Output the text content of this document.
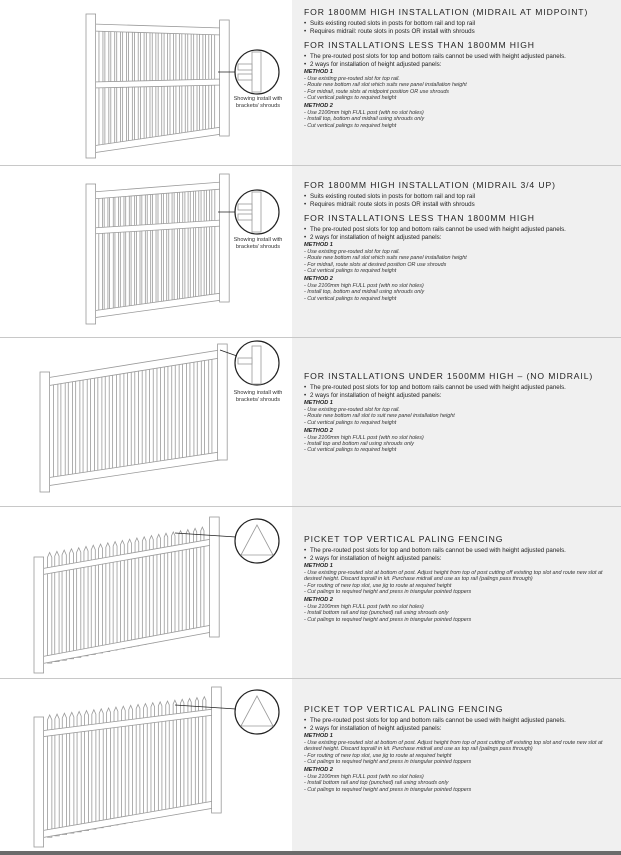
Showing install with brackets/ shrouds
FOR 1800MM HIGH INSTALLATION (MIDRAIL AT MIDPOINT)
• Suits existing routed slots in posts for bottom rail and top rail
• Requires midrail: route slots in posts OR install with shrouds
FOR INSTALLATIONS LESS THAN 1800MM HIGH
• The pre-routed post slots for top and bottom rails cannot be used with height adjusted panels.
• 2 ways for installation of height adjusted panels:
METHOD 1
- Use existing pre-routed slot for top rail.
- Route new bottom rail slot which suits new panel installation height
- For midrail, route slots at midpoint position OR use shrouds
- Cut vertical palings to required height
METHOD 2
- Use 2100mm high FULL post (with no slot holes)
- Install top, bottom and midrail using shrouds only
- Cut vertical palings to required height
Showing install with brackets/ shrouds
FOR 1800MM HIGH INSTALLATION (MIDRAIL 3/4 UP)
• Suits existing routed slots in posts for bottom rail and top rail
• Requires midrail: route slots in posts OR install with shrouds
FOR INSTALLATIONS LESS THAN 1800MM HIGH
• The pre-routed post slots for top and bottom rails cannot be used with height adjusted panels.
• 2 ways for installation of height adjusted panels:
METHOD 1
- Use existing pre-routed slot for top rail.
- Route new bottom rail slot which suits new panel installation height
- For midrail, route slots at desired position OR use shrouds
- Cut vertical palings to required height
METHOD 2
- Use 2100mm high FULL post (with no slot holes)
- Install top, bottom and midrail using shrouds only
- Cut vertical palings to required height
Showing install with brackets/ shrouds
FOR INSTALLATIONS UNDER 1500MM HIGH – (NO MIDRAIL)
• The pre-routed post slots for top and bottom rails cannot be used with height adjusted panels.
• 2 ways for installation of height adjusted panels:
METHOD 1
- Use existing pre-routed slot for top rail.
- Route new bottom rail slot to suit new panel installation height
- Cut vertical palings to required height
METHOD 2
- Use 2100mm high FULL post (with no slot holes)
- Install top and bottom rail using shrouds only
- Cut vertical palings to required height
PICKET TOP VERTICAL PALING FENCING
• The pre-routed post slots for top and bottom rails cannot be used with height adjusted panels.
• 2 ways for installation of height adjusted panels:
METHOD 1
- Use existing pre-routed slot at bottom of post. Adjust height from top of post cutting off existing top slot and route new slot at desired height. Discard topraill in kit. Purchase midrail and use as top rail (palings pass through)
- For routing of new top slot, use jig to route at required height
- Cut palings to required height and press in triangular pointed toppers
METHOD 2
- Use 2100mm high FULL post (with no slot holes)
- Install bottom rail and top (punched) rail using shrouds only
- Cut palings to required height and press in triangular pointed toppers
PICKET TOP VERTICAL PALING FENCING
• The pre-routed post slots for top and bottom rails cannot be used with height adjusted panels.
• 2 ways for installation of height adjusted panels:
METHOD 1
- Use existing pre-routed slot at bottom of post. Adjust height from top of post cutting off existing top slot and route new slot at desired height. Discard topraill in kit. Purchase midrail and use as top rail (palings pass through)
- For routing of new top slot, use jig to route at required height
- Cut palings to required height and press in triangular pointed toppers
METHOD 2
- Use 2100mm high FULL post (with no slot holes)
- Install bottom rail and top (punched) rail using shrouds only
- Cut palings to required height and press in triangular pointed toppers
